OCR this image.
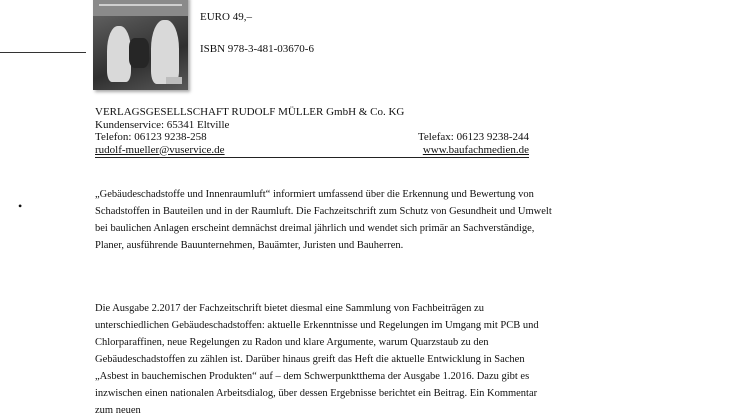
•
EURO 49,–
ISBN 978-3-481-03670-6
VERLAGSGESELLSCHAFT RUDOLF MÜLLER GmbH & Co. KG
Kundenservice: 65341 Eltville
Telefon: 06123 9238-258	Telefax: 06123 9238-244
rudolf-mueller@vuservice.de	www.baufachmedien.de

„Gebäudeschadstoffe und Innenraumluft“ informiert umfassend über die Erkennung und Bewertung von Schadstoffen in Bauteilen und in der Raumluft. Die Fachzeitschrift zum Schutz von Gesundheit und Umwelt bei baulichen Anlagen erscheint demnächst dreimal jährlich und wendet sich primär an Sachverständige, Planer, ausführende Bauunternehmen, Bauämter, Juristen und Bauherren.

Die Ausgabe 2.2017 der Fachzeitschrift bietet diesmal eine Sammlung von Fachbeiträgen zu unterschiedlichen Gebäudeschadstoffen: aktuelle Erkenntnisse und Regelungen im Umgang mit PCB und Chlorparaffinen, neue Regelungen zu Radon und klare Argumente, warum Quarzstaub zu den Gebäudeschadstoffen zu zählen ist. Darüber hinaus greift das Heft die aktuelle Entwicklung in Sachen „Asbest in bauchemischen Produkten“ auf – dem Schwerpunktthema der Ausgabe 1.2016. Dazu gibt es inzwischen einen nationalen Arbeitsdialog, über dessen Ergebnisse berichtet ein Beitrag. Ein Kommentar zum neuen
